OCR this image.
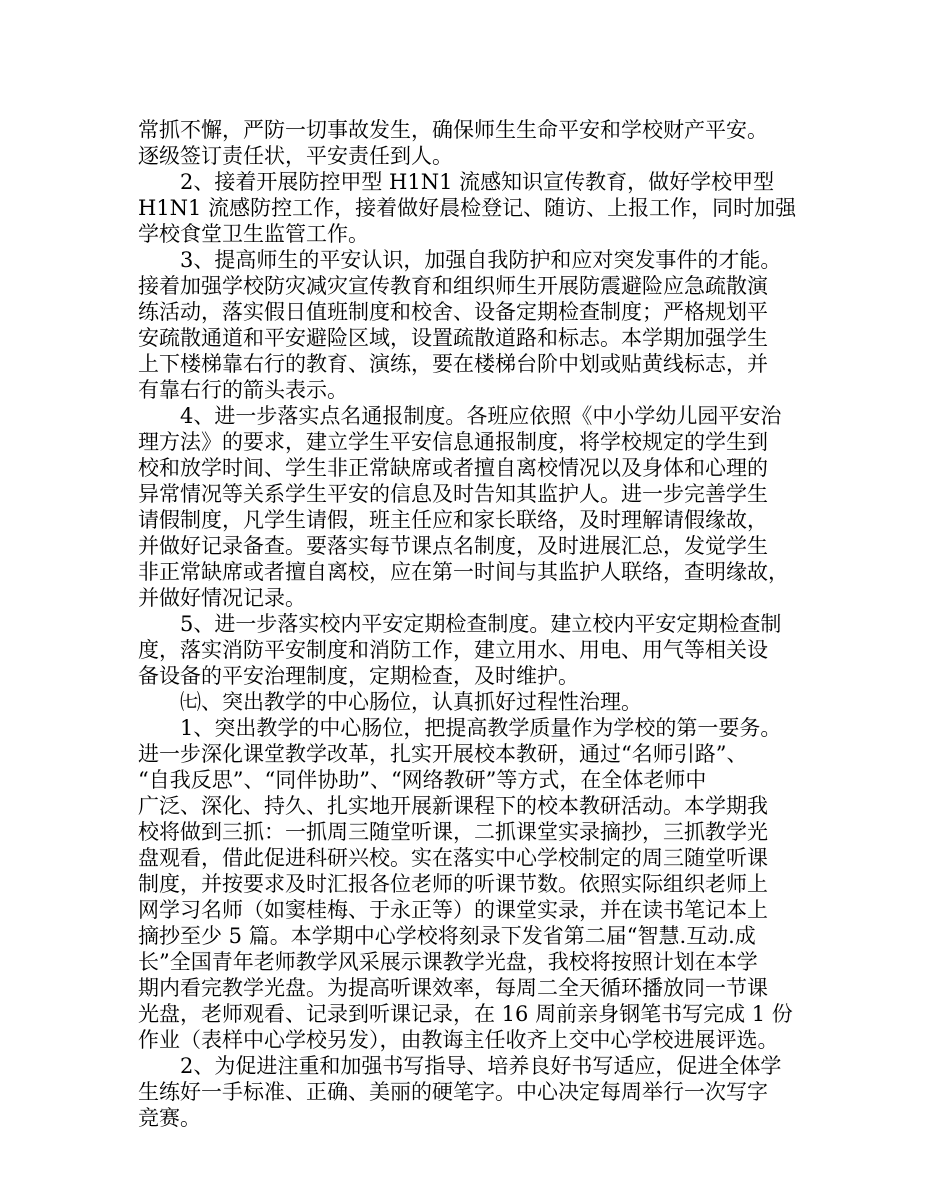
常抓不懈，严防一切事故发生，确保师生生命平安和学校财产平安。
逐级签订责任状，平安责任到人。
2、接着开展防控甲型 H1N1 流感知识宣传教育，做好学校甲型
H1N1 流感防控工作，接着做好晨检登记、随访、上报工作，同时加强
学校食堂卫生监管工作。
3、提高师生的平安认识，加强自我防护和应对突发事件的才能。
接着加强学校防灾减灾宣传教育和组织师生开展防震避险应急疏散演
练活动，落实假日值班制度和校舍、设备定期检查制度；严格规划平
安疏散通道和平安避险区域，设置疏散道路和标志。本学期加强学生
上下楼梯靠右行的教育、演练，要在楼梯台阶中划或贴黄线标志，并
有靠右行的箭头表示。
4、进一步落实点名通报制度。各班应依照《中小学幼儿园平安治
理方法》的要求，建立学生平安信息通报制度，将学校规定的学生到
校和放学时间、学生非正常缺席或者擅自离校情况以及身体和心理的
异常情况等关系学生平安的信息及时告知其监护人。进一步完善学生
请假制度，凡学生请假，班主任应和家长联络，及时理解请假缘故，
并做好记录备查。要落实每节课点名制度，及时进展汇总，发觉学生
非正常缺席或者擅自离校，应在第一时间与其监护人联络，查明缘故，
并做好情况记录。
5、进一步落实校内平安定期检查制度。建立校内平安定期检查制
度，落实消防平安制度和消防工作，建立用水、用电、用气等相关设
备设备的平安治理制度，定期检查，及时维护。
㈦、突出教学的中心肠位，认真抓好过程性治理。
1、突出教学的中心肠位，把提高教学质量作为学校的第一要务。
进一步深化课堂教学改革，扎实开展校本教研，通过“名师引路”、
“自我反思”、“同伴协助”、“网络教研”等方式，在全体老师中
广泛、深化、持久、扎实地开展新课程下的校本教研活动。本学期我
校将做到三抓：一抓周三随堂听课，二抓课堂实录摘抄，三抓教学光
盘观看，借此促进科研兴校。实在落实中心学校制定的周三随堂听课
制度，并按要求及时汇报各位老师的听课节数。依照实际组织老师上
网学习名师（如窦桂梅、于永正等）的课堂实录，并在读书笔记本上
摘抄至少 5 篇。本学期中心学校将刻录下发省第二届“智慧.互动.成
长”全国青年老师教学风采展示课教学光盘，我校将按照计划在本学
期内看完教学光盘。为提高听课效率，每周二全天循环播放同一节课
光盘，老师观看、记录到听课记录，在 16 周前亲身钢笔书写完成 1 份
作业（表样中心学校另发），由教诲主任收齐上交中心学校进展评选。
2、为促进注重和加强书写指导、培养良好书写适应，促进全体学
生练好一手标准、正确、美丽的硬笔字。中心决定每周举行一次写字
竞赛。
